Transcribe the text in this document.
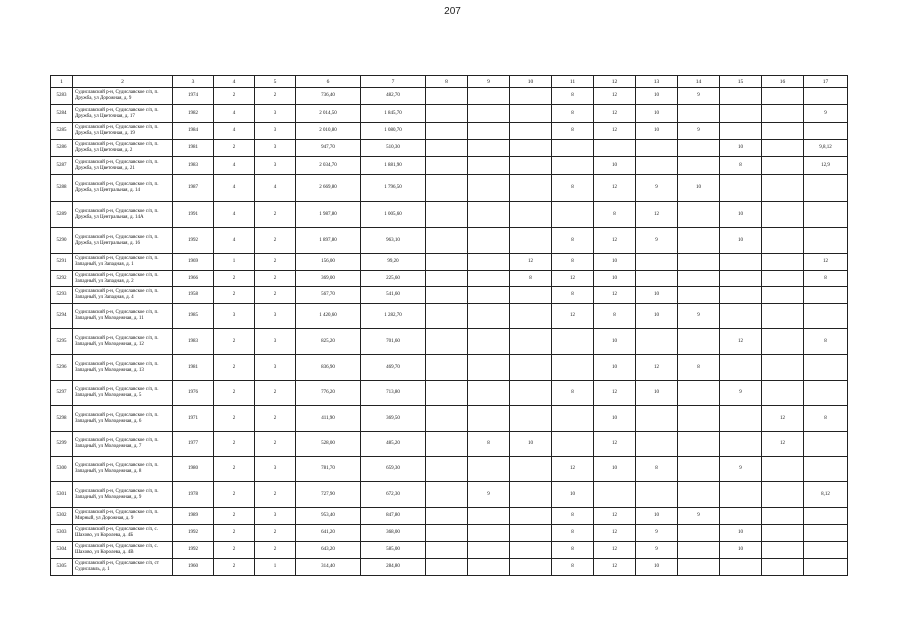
207
1	2	3	4	5	6	7	8	9	10	11	12	13	14	15	16	17
5283	Судиславский р-н, Судиславское с/п, п. Дружба, ул Дорожная, д. 9	1974	2	2	736,40	482,70				8	12	10	9			
5284	Судиславский р-н, Судиславское с/п, п. Дружба, ул Цветочная, д. 17	1982	4	3	2 014,50	1 845,70				8	12	10				9
5285	Судиславский р-н, Судиславское с/п, п. Дружба, ул Цветочная, д. 19	1984	4	3	2 010,80	1 080,70				8	12	10	9			
5286	Судиславский р-н, Судиславское с/п, п. Дружба, ул Цветочная, д. 2	1981	2	3	947,70	510,30								10		9,8,12
5287	Судиславский р-н, Судиславское с/п, п. Дружба, ул Цветочная, д. 21	1983	4	3	2 034,70	1 881,90					10			8		12,9
5288	Судиславский р-н, Судиславское с/п, п. Дружба, ул Центральная, д. 14	1987	4	4	2 669,80	1 796,50				8	12	9	10			
5289	Судиславский р-н, Судиславское с/п, п. Дружба, ул Центральная, д. 14А	1991	4	2	1 987,80	1 005,60					8	12		10		
5290	Судиславский р-н, Судиславское с/п, п. Дружба, ул Центральная, д. 16	1992	4	2	1 897,80	963,10				8	12	9		10		
5291	Судиславский р-н, Судиславское с/п, п. Западный, ул Западная, д. 1	1969	1	2	156,00	99,20			12	8	10					12
5292	Судиславский р-н, Судиславское с/п, п. Западный, ул Западная, д. 2	1966	2	2	369,00	225,60			8	12	10					8
5293	Судиславский р-н, Судиславское с/п, п. Западный, ул Западная, д. 4	1958	2	2	567,70	541,60				8	12	10				
5294	Судиславский р-н, Судиславское с/п, п. Западный, ул Молодежная, д. 11	1985	3	3	1 420,60	1 282,70				12	8	10	9			
5295	Судиславский р-н, Судиславское с/п, п. Западный, ул Молодежная, д. 12	1983	2	3	825,20	701,60					10			12		8
5296	Судиславский р-н, Судиславское с/п, п. Западный, ул Молодежная, д. 13	1981	2	3	836,90	469,70					10	12	8			
5297	Судиславский р-н, Судиславское с/п, п. Западный, ул Молодежная, д. 5	1976	2	2	776,20	713,80				8	12	10		9		
5298	Судиславский р-н, Судиславское с/п, п. Западный, ул Молодежная, д. 6	1971	2	2	411,90	369,50					10				12	8
5299	Судиславский р-н, Судиславское с/п, п. Западный, ул Молодежная, д. 7	1977	2	2	528,00	485,20		8	10		12				12	
5300	Судиславский р-н, Судиславское с/п, п. Западный, ул Молодежная, д. 8	1980	2	3	781,70	659,30				12	10	8		9		
5301	Судиславский р-н, Судиславское с/п, п. Западный, ул Молодежная, д. 9	1978	2	2	727,90	672,30		9		10						8,12
5302	Судиславский р-н, Судиславское с/п, п. Мирный, ул Дорожная, д. 9	1989	2	3	953,40	847,80				8	12	10	9			
5303	Судиславский р-н, Судиславское с/п, с. Шахово, ул Королева, д. 4Б	1992	2	2	641,20	368,00				8	12	9		10		
5304	Судиславский р-н, Судиславское с/п, с. Шахово, ул Королева, д. 4В	1992	2	2	643,20	585,00				8	12	9		10		
5305	Судиславский р-н, Судиславское с/п, ст Судиславль, д. 1	1960	2	1	314,40	284,80				8	12	10				
